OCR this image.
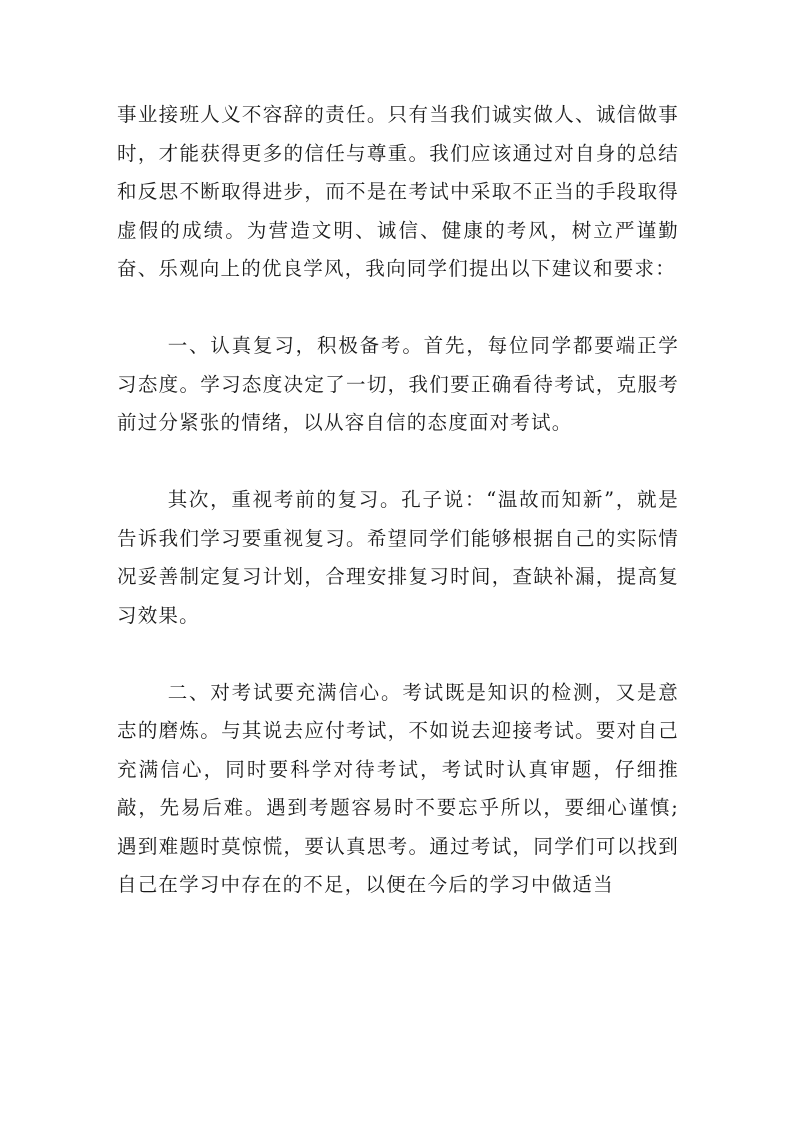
事业接班人义不容辞的责任。只有当我们诚实做人、诚信做事时，才能获得更多的信任与尊重。我们应该通过对自身的总结和反思不断取得进步，而不是在考试中采取不正当的手段取得虚假的成绩。为营造文明、诚信、健康的考风，树立严谨勤奋、乐观向上的优良学风，我向同学们提出以下建议和要求：

一、认真复习，积极备考。首先，每位同学都要端正学习态度。学习态度决定了一切，我们要正确看待考试，克服考前过分紧张的情绪，以从容自信的态度面对考试。

其次，重视考前的复习。孔子说：“温故而知新”，就是告诉我们学习要重视复习。希望同学们能够根据自己的实际情况妥善制定复习计划，合理安排复习时间，查缺补漏，提高复习效果。

二、对考试要充满信心。考试既是知识的检测，又是意志的磨炼。与其说去应付考试，不如说去迎接考试。要对自己充满信心，同时要科学对待考试，考试时认真审题，仔细推敲，先易后难。遇到考题容易时不要忘乎所以，要细心谨慎;遇到难题时莫惊慌，要认真思考。通过考试，同学们可以找到自己在学习中存在的不足，以便在今后的学习中做适当
